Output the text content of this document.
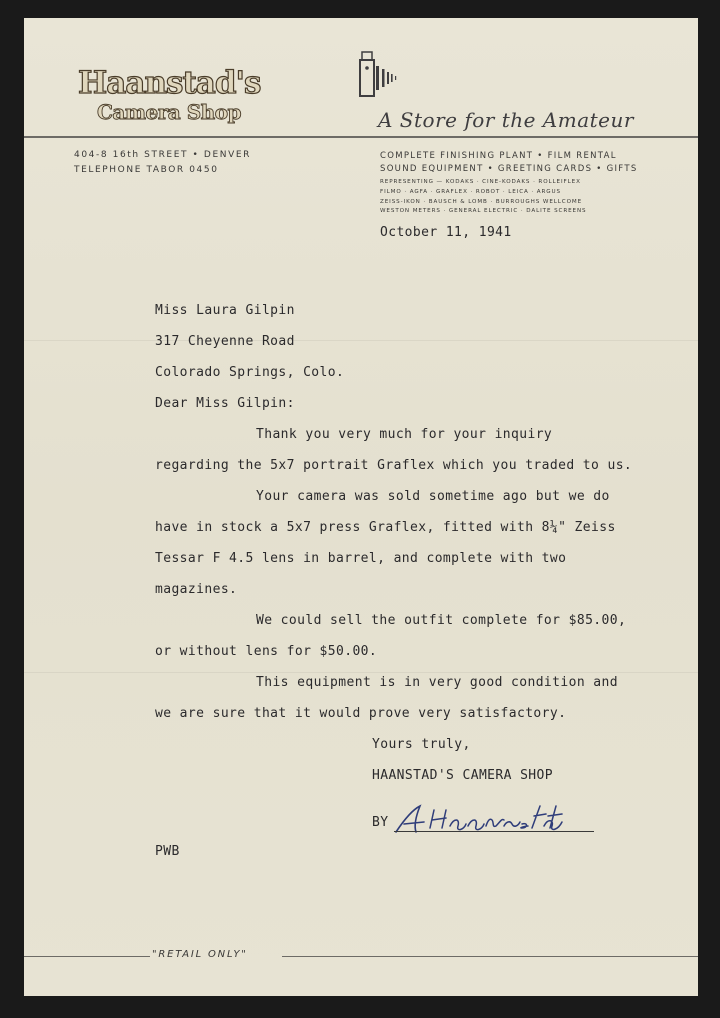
Haanstad's
Camera Shop	A Store for the Amateur
404-8 16th STREET • DENVER
TELEPHONE TABOR 0450
COMPLETE FINISHING PLANT • FILM RENTAL
SOUND EQUIPMENT • GREETING CARDS • GIFTS
REPRESENTING — KODAKS · CINE-KODAKS · ROLLEIFLEX
FILMO · AGFA · GRAFLEX · ROBOT · LEICA · ARGUS
ZEISS-IKON · BAUSCH & LOMB · BURROUGHS WELLCOME
WESTON METERS · GENERAL ELECTRIC · DALITE SCREENS
October 11, 1941
Miss Laura Gilpin
317 Cheyenne Road
Colorado Springs, Colo.
Dear Miss Gilpin:
Thank you very much for your inquiry
regarding the 5x7 portrait Graflex which you traded to us.
Your camera was sold sometime ago but we do
have in stock a 5x7 press Graflex, fitted with 8¼" Zeiss
Tessar F 4.5 lens in barrel, and complete with two
magazines.
We could sell the outfit complete for $85.00,
or without lens for $50.00.
This equipment is in very good condition and
we are sure that it would prove very satisfactory.
Yours truly,
HAANSTAD'S CAMERA SHOP
BY
A Haanstad
PWB
"RETAIL ONLY"
